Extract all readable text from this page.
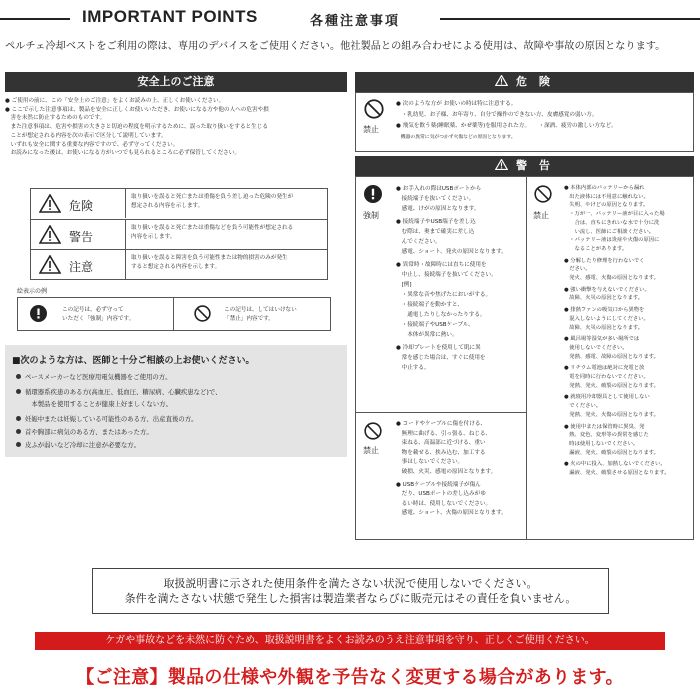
IMPORTANT POINTS	各種注意事項
ペルチェ冷却ベストをご利用の際は、専用のデバイスをご使用ください。他社製品との組み合わせによる使用は、故障や事故の原因となります。
安全上のご注意
● ご使用の前に、この「安全上のご注意」をよくお読みの上、正しくお使いください。
● ここで示した注意事項は、製品を安全に正しくお使いいただき、お使いになる方や他の人への危害や損
　害を未然に防止するためのものです。
　また注意事項は、危害や損害の大きさと切迫の程度を明示するために、誤った取り扱いをすると生じる
　ことが想定される内容を次の表示で区分して説明しています。
　いずれも安全に関する重要な内容ですので、必ず守ってください。
　お読みになった後は、お使いになる方がいつでも見られるところに必ず保管してください。
危険
取り扱いを誤ると死亡または重傷を負う差し迫った危険の発生が
想定される内容を示します。
警告
取り扱いを誤ると死亡または重傷などを負う可能性が想定される
内容を示します。
注意
取り扱いを誤ると障害を負う可能性または物的損害のみが発生
すると想定される内容を示します。
絵表示の例
この記号は、必ず守って
いただく「強制」内容です。
この記号は、してはいけない
「禁止」内容です。
■次のような方は、医師と十分ご相談の上お使いください。
ペースメーカーなど医療用電気機器をご使用の方。
循環器系疾患のある方(高血圧、低血圧、糖尿病、心臓疾患など)で、
　本製品を使用することが健康上好ましくない方。
妊娠中または妊娠している可能性のある方、出産直後の方。
首や胸部に病気のある方、またはあった方。
皮ふが弱いなど冷却に注意が必要な方。
危 険
禁止
● 次のような方が お使いの時は特に注意する。
　・乳幼児、お子様、お年寄り、自分で操作のできない方、皮膚感覚の弱い方。
● 飛気を飲う薬(睡眠薬、かぜ薬等)を服用された方。　　・深酒、疲労の激しい方など。
　機器の異常に気がつかず火傷などの原因となります。
警 告
強制
● お手入れの際はUSBポートから
　接続端子を抜いてください。
　感電、けがの原因となります。
● 接続端子やUSB端子を差し込
　む際は、奥まで確実に差し込
　んでください。
　感電、ショート、発火の原因となります。
● 異常時・故障時には直ちに使用を
　中止し、接続端子を抜いてください。
　[例]
　・異常な音や焦げたにおいがする。
　・接続端子を動かすと、
　　通電したりしなかったりする。
　・接続端子やUSBケーブル、
　　本体が異常に熱い。
● 冷却プレートを使用して肌に異
　常を感じた場合は、すぐに使用を
　中止する。
禁止
● コードやケーブルに傷を付ける、
　無理に曲げる、引っ張る、ねじる、
　束ねる、高温部に近づける、重い
　物を載せる、挟み込む、加工する
　事はしないでください。
　破損、火災、感電の原因となります。
● USBケーブルや接続端子が傷ん
　だり、USBポートの差し込みがゆ
　るい時は、使用しないでください。
　感電、ショート、火傷の原因となります。
禁止
● 本体内部のバッテリーから漏れ
　出た液体には不用意に触れない。
　失明、やけどの原因となります。
　・万が一、バッテリー液が目に入った場
　　合は、直ちにきれいな水で十分に洗
　　い流し、医師にご相談ください。
　・バッテリー液は炎症や火傷の原因に
　　なることがあります。
● 分解したり修理を行わないでく
　ださい。
　発火、感電、火傷の原因となります。
● 強い衝撃を与えないでください。
　故障、火災の原因となります。
● 排熱ファンの吸気口から異物を
　混入しないようにしてください。
　故障、火災の原因となります。
● 風呂場等湿気が多い場所では
　使用しないでください。
　発熱、感電、故障の原因となります。
● リチウム電池は絶対に充電と放
　電を同時に行わないでください。
　発熱、発火、破裂の原因となります。
● 就寝用冷却器具として使用しない
　でください。
　発熱、発火、火傷の原因となります。
● 使用中または保管時に異臭、発
　熱、変色、変形等の異常を感じた
　時は使用しないでください。
　漏液、発火、破裂の原因となります。
● 火の中に投入、加熱しないでください。
　漏液、発火、破裂させる原因となります。
取扱説明書に示された使用条件を満たさない状況で使用しないでください。
条件を満たさない状態で発生した損害は製造業者ならびに販売元はその責任を負いません。
ケガや事故などを未然に防ぐため、取扱説明書をよくお読みのうえ注意事項を守り、正しくご使用ください。
【ご注意】製品の仕様や外観を予告なく変更する場合があります。
